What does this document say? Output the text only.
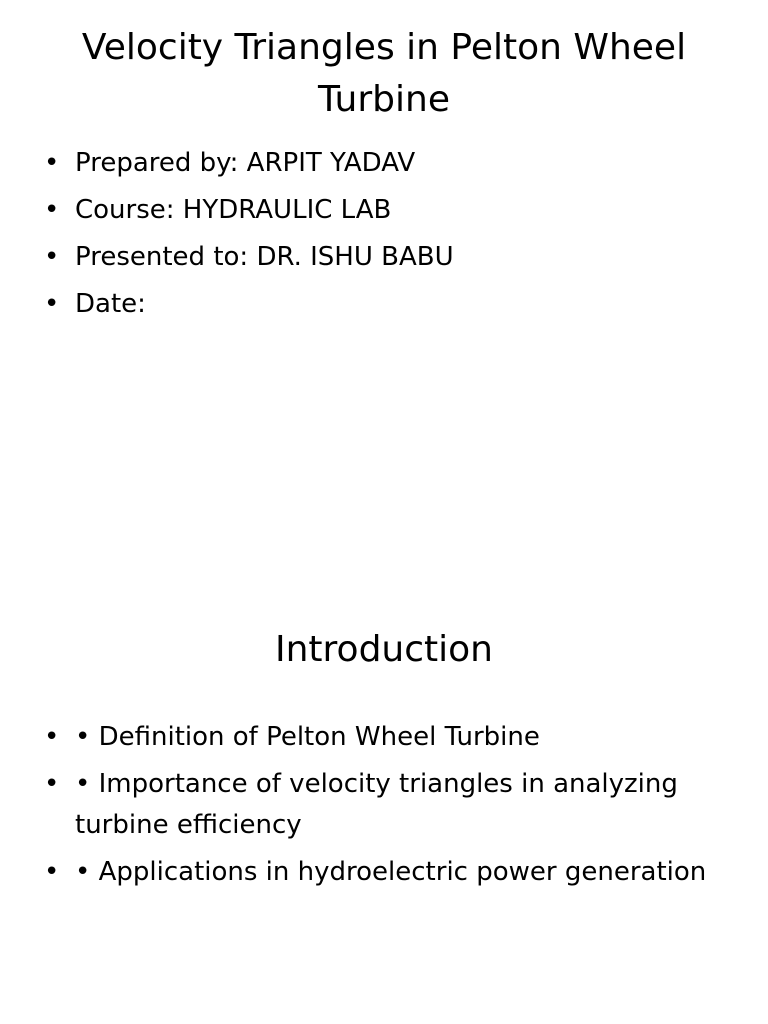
Velocity Triangles in Pelton Wheel Turbine
• Prepared by: ARPIT YADAV
• Course: HYDRAULIC LAB
• Presented to: DR. ISHU BABU
• Date:
Introduction
• • Definition of Pelton Wheel Turbine
• • Importance of velocity triangles in analyzing turbine efficiency
• • Applications in hydroelectric power generation
